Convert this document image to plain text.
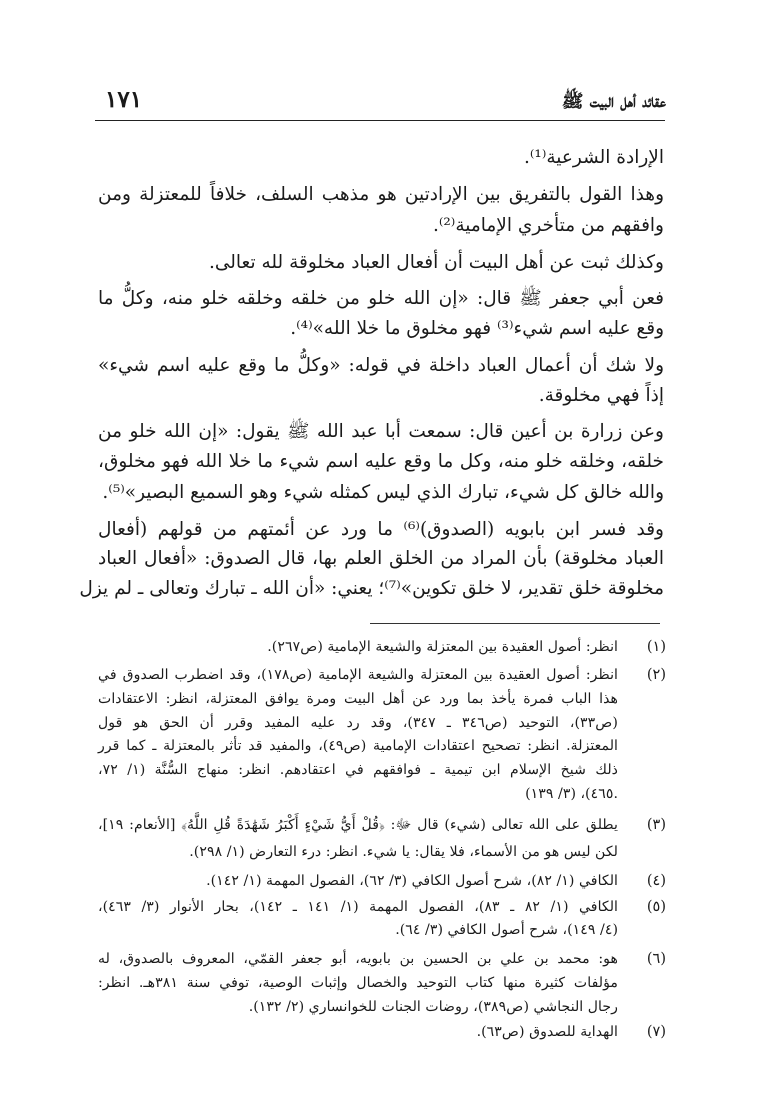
عقائد أهل البيت ﷺ
١٧١
الإرادة الشرعية⁽¹⁾.
وهذا القول بالتفريق بين الإرادتين هو مذهب السلف، خلافاً للمعتزلة ومن
وافقهم من متأخري الإمامية⁽²⁾.
وكذلك ثبت عن أهل البيت أن أفعال العباد مخلوقة لله تعالى.
فعن أبي جعفر ﷺ قال: «إن الله خلو من خلقه وخلقه خلو منه، وكلُّ ما
وقع عليه اسم شيء⁽³⁾ فهو مخلوق ما خلا الله»⁽⁴⁾.
ولا شك أن أعمال العباد داخلة في قوله: «وكلُّ ما وقع عليه اسم شيء»
إذاً فهي مخلوقة.
وعن زرارة بن أعين قال: سمعت أبا عبد الله ﷺ يقول: «إن الله خلو من
خلقه، وخلقه خلو منه، وكل ما وقع عليه اسم شيء ما خلا الله فهو مخلوق،
والله خالق كل شيء، تبارك الذي ليس كمثله شيء وهو السميع البصير»⁽⁵⁾.
وقد فسر ابن بابويه (الصدوق)⁽⁶⁾ ما ورد عن أئمتهم من قولهم (أفعال
العباد مخلوقة) بأن المراد من الخلق العلم بها، قال الصدوق: «أفعال العباد
مخلوقة خلق تقدير، لا خلق تكوين»⁽⁷⁾؛ يعني: «أن الله ـ تبارك وتعالى ـ لم يزل
(١)
انظر: أصول العقيدة بين المعتزلة والشيعة الإمامية (ص٢٦٧).
(٢)
انظر: أصول العقيدة بين المعتزلة والشيعة الإمامية (ص١٧٨)، وقد اضطرب الصدوق في
هذا الباب فمرة يأخذ بما ورد عن أهل البيت ومرة يوافق المعتزلة، انظر: الاعتقادات
(ص٣٣)، التوحيد (ص٣٤٦ ـ ٣٤٧)، وقد رد عليه المفيد وقرر أن الحق هو قول
المعتزلة. انظر: تصحيح اعتقادات الإمامية (ص٤٩)، والمفيد قد تأثر بالمعتزلة ـ كما قرر
ذلك شيخ الإسلام ابن تيمية ـ فوافقهم في اعتقادهم. انظر: منهاج السُّنَّة (١/ ٧٢،
٤٦٥)، (٣/ ١٣٩).
(٣)
يطلق على الله تعالى (شيء) قال ﷻ: ﴿قُلْ أَيُّ شَيْءٍ أَكْبَرُ شَهَٰدَةً قُلِ اللَّهُ﴾ [الأنعام: ١٩]،
لكن ليس هو من الأسماء، فلا يقال: يا شيء. انظر: درء التعارض (١/ ٢٩٨).
(٤)
الكافي (١/ ٨٢)، شرح أصول الكافي (٣/ ٦٢)، الفصول المهمة (١/ ١٤٢).
(٥)
الكافي (١/ ٨٢ ـ ٨٣)، الفصول المهمة (١/ ١٤١ ـ ١٤٢)، بحار الأنوار (٣/ ٤٦٣)،
(٤/ ١٤٩)، شرح أصول الكافي (٣/ ٦٤).
(٦)
هو: محمد بن علي بن الحسين بن بابويه، أبو جعفر القمّي، المعروف بالصدوق، له
مؤلفات كثيرة منها كتاب التوحيد والخصال وإثبات الوصية، توفي سنة ٣٨١هـ. انظر:
رجال النجاشي (ص٣٨٩)، روضات الجنات للخوانساري (٢/ ١٣٢).
(٧)
الهداية للصدوق (ص٦٣).
